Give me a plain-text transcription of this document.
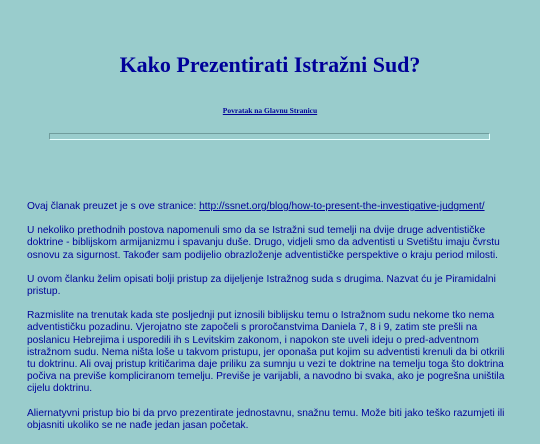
Kako Prezentirati Istražni Sud?
Povratak na Glavnu Stranicu

Ovaj članak preuzet je s ove stranice: http://ssnet.org/blog/how-to-present-the-investigative-judgment/

U nekoliko prethodnih postova napomenuli smo da se Istražni sud temelji na dvije druge adventističke doktrine - biblijskom armijanizmu i spavanju duše. Drugo, vidjeli smo da adventisti u Svetištu imaju čvrstu osnovu za sigurnost. Također sam podijelio obrazloženje adventističke perspektive o kraju period milosti.

U ovom članku želim opisati bolji pristup za dijeljenje Istražnog suda s drugima. Nazvat ću je Piramidalni pristup.

Razmislite na trenutak kada ste posljednji put iznosili biblijsku temu o Istražnom sudu nekome tko nema adventističku pozadinu. Vjerojatno ste započeli s proročanstvima Daniela 7, 8 i 9, zatim ste prešli na poslanicu Hebrejima i usporedili ih s Levitskim zakonom, i napokon ste uveli ideju o pred-adventnom istražnom sudu. Nema ništa loše u takvom pristupu, jer oponaša put kojim su adventisti krenuli da bi otkrili tu doktrinu. Ali ovaj pristup kritičarima daje priliku za sumnju u vezi te doktrine na temelju toga što doktrina počiva na previše kompliciranom temelju. Previše je varijabli, a navodno bi svaka, ako je pogrešna uništila cijelu doktrinu.

Aliernatyvni pristup bio bi da prvo prezentirate jednostavnu, snažnu temu. Može biti jako teško razumjeti ili objasniti ukoliko se ne nađe jedan jasan početak.
